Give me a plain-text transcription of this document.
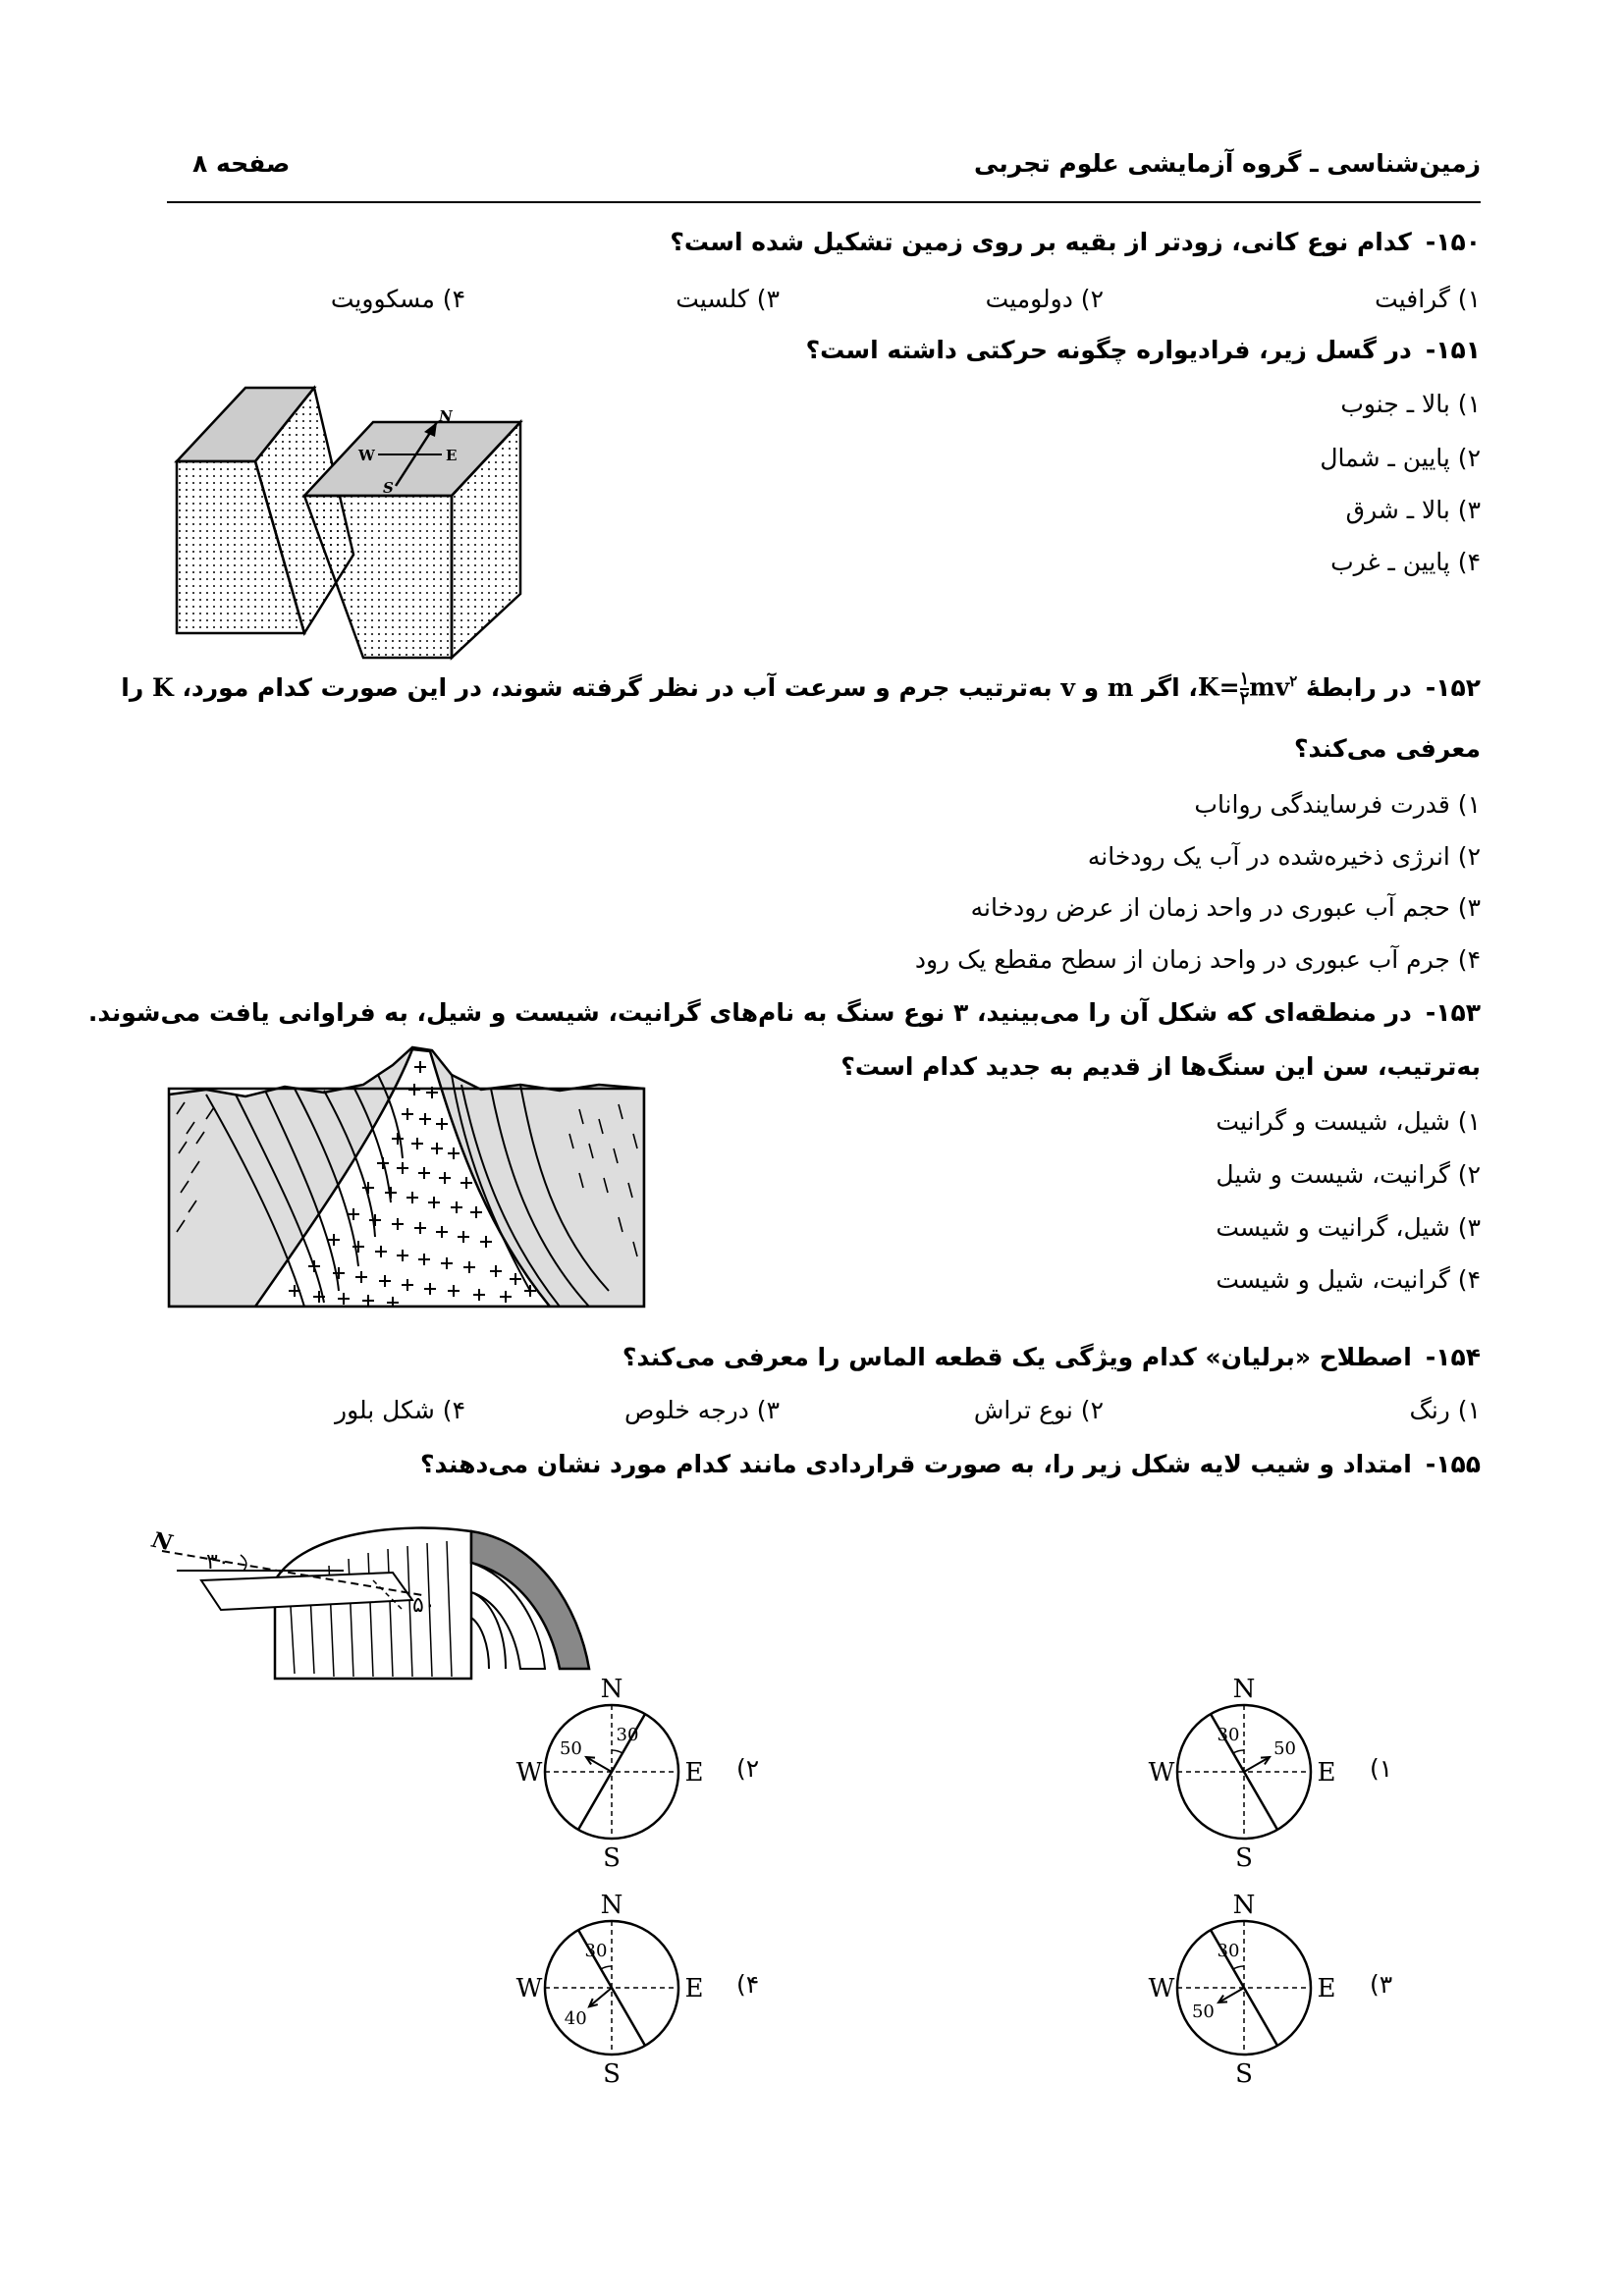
زمین‌شناسی ـ گروه آزمایشی علوم تجربی
صفحه ۸
۱۵۰-کدام نوع کانی، زودتر از بقیه بر روی زمین تشکیل شده است؟
۱) گرافیت
۲) دولومیت
۳) کلسیت
۴) مسکوویت
۱۵۱-در گسل زیر، فرادیواره چگونه حرکتی داشته است؟
۱) بالا ـ جنوب
۲) پایین ـ شمال
۳) بالا ـ شرق
۴) پایین ـ غرب
W	E
N
S
۱۵۲-در رابطهٔ K= ۱
۲ $mv^۲،$ اگر m و v به‌ترتیب جرم و سرعت آب در نظر گرفته شوند، در این صورت کدام مورد، K را
معرفی می‌کند؟
۱) قدرت فرسایندگی رواناب
۲) انرژی ذخیره‌شده در آب یک رودخانه
۳) حجم آب عبوری در واحد زمان از عرض رودخانه
۴) جرم آب عبوری در واحد زمان از سطح مقطع یک رود
۱۵۳-در منطقه‌ای که شکل آن را می‌بینید، ۳ نوع سنگ به نام‌های گرانیت، شیست و شیل، به فراوانی یافت می‌شوند.
به‌ترتیب، سن این سنگ‌ها از قدیم به جدید کدام است؟
۱) شیل، شیست و گرانیت
۲) گرانیت، شیست و شیل
۳) شیل، گرانیت و شیست
۴) گرانیت، شیل و شیست
۱۵۴-اصطلاح «برلیان» کدام ویژگی یک قطعه الماس را معرفی می‌کند؟
۱) رنگ
۲) نوع تراش
۳) درجه خلوص
۴) شکل بلور
۱۵۵-امتداد و شیب لایه شکل زیر را، به صورت قراردادی مانند کدام مورد نشان می‌دهند؟
N
۳۰
۵۰
N
S
W	E
30
50
۱)
N
S
W	E
30
50
۲)
N
S
W	E
30
50
۳)
N
S
W	E
30
40
۴)
